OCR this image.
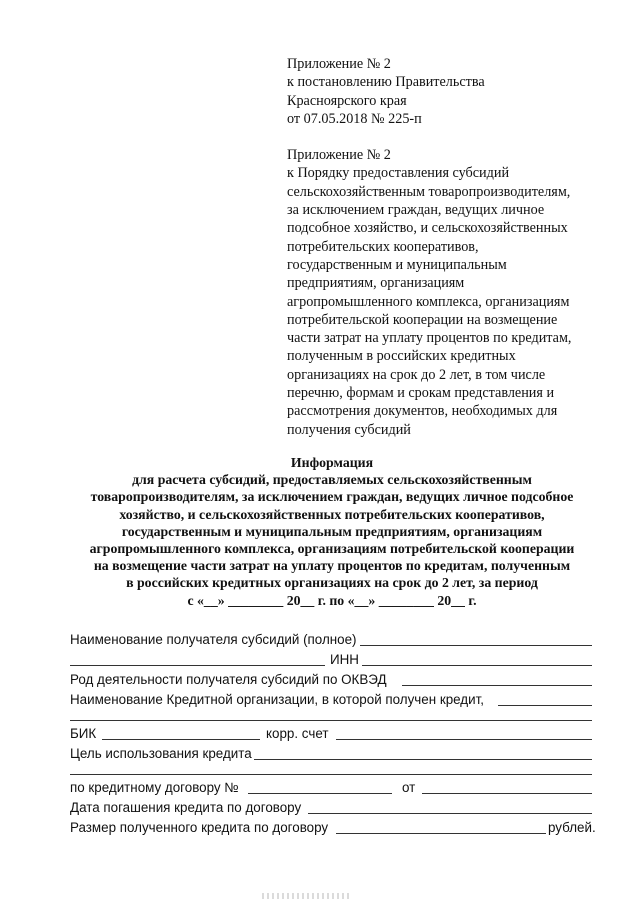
Приложение № 2

к постановлению Правительства

Красноярского края

от 07.05.2018 № 225-п

Приложение № 2

к Порядку предоставления субсидий

сельскохозяйственным товаропроизводителям,

за исключением граждан, ведущих личное

подсобное хозяйство, и сельскохозяйственных

потребительских кооперативов,

государственным и муниципальным

предприятиям, организациям

агропромышленного комплекса, организациям

потребительской кооперации на возмещение

части затрат на уплату процентов по кредитам,

полученным в российских кредитных

организациях на срок до 2 лет, в том числе

перечню, формам и срокам представления и

рассмотрения документов, необходимых для

получения субсидий

Информация

для расчета субсидий, предоставляемых сельскохозяйственным

товаропроизводителям, за исключением граждан, ведущих личное подсобное

хозяйство, и сельскохозяйственных потребительских кооперативов,

государственным и муниципальным предприятиям, организациям

агропромышленного комплекса, организациям потребительской кооперации

на возмещение части затрат на уплату процентов по кредитам, полученным

в российских кредитных организациях на срок до 2 лет, за период

с «__» ________ 20__ г. по «__» ________ 20__ г.

Наименование получателя субсидий (полное)
ИНН
Род деятельности получателя субсидий по ОКВЭД
Наименование Кредитной организации, в которой получен кредит,
БИК	корр. счет
Цель использования кредита
по кредитному договору №	от
Дата погашения кредита по договору
Размер полученного кредита по договору	рублей.
